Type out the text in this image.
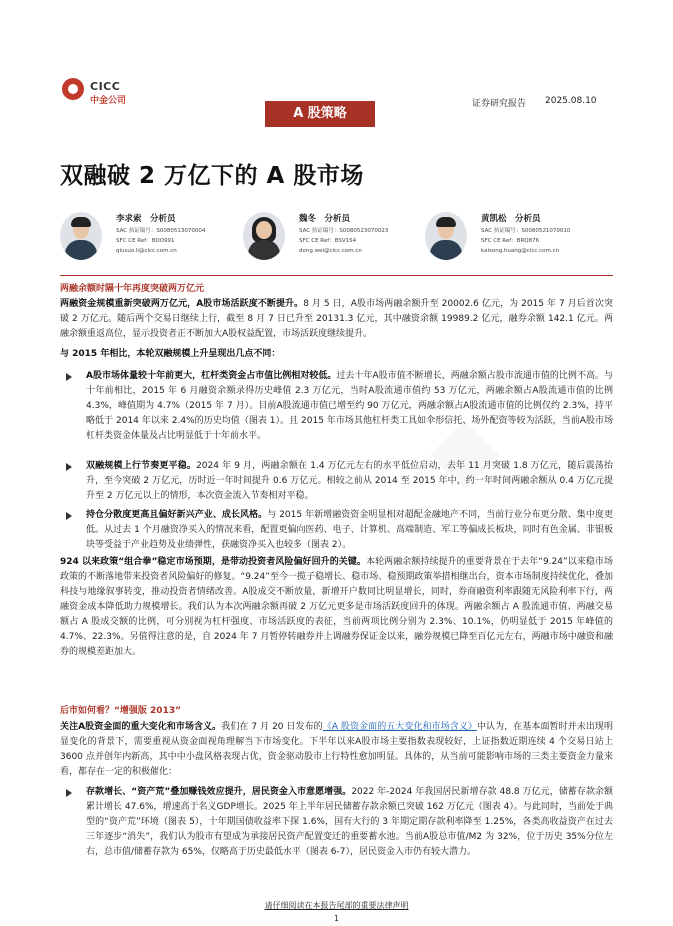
CICC
中金公司
A 股策略
证券研究报告 2025.08.10
双融破 2 万亿下的 A 股市场
李求索　分析员
SAC 执证编号：S0080513070004
SFC CE Ref：BDO991
qiusuo.li@cicc.com.cn
魏冬　分析员
SAC 执证编号：S0080523070023
SFC CE Ref：BSV154
dong.wei@cicc.com.cn
黄凯松　分析员
SAC 执证编号：S0080521070010
SFC CE Ref：BRQ876
kaisong.huang@cicc.com.cn
两融余额时隔十年再度突破两万亿元
两融资金规模重新突破两万亿元，A股市场活跃度不断提升。8 月 5 日，A股市场两融余额升至 20002.6 亿元，为 2015 年 7 月后首次突破 2 万亿元。随后两个交易日继续上行，截至 8 月 7 日已升至 20131.3 亿元，其中融资余额 19989.2 亿元，融券余额 142.1 亿元。两融余额重返高位，显示投资者正不断加大A股权益配置，市场活跃度继续提升。
与 2015 年相比，本轮双融规模上升呈现出几点不同：
A股市场体量较十年前更大，杠杆类资金占市值比例相对较低。过去十年A股市值不断增长，两融余额占股市流通市值的比例不高。与十年前相比，2015 年 6 月融资余额录得历史峰值 2.3 万亿元，当时A股流通市值约 53 万亿元，两融余额占A股流通市值的比例 4.3%，峰值期为 4.7%（2015 年 7 月）。目前A股流通市值已增至约 90 万亿元，两融余额占A股流通市值的比例仅约 2.3%，持平略低于 2014 年以来 2.4%的历史均值（图表 1）。且 2015 年市场其他杠杆类工具如伞形信托、场外配资等较为活跃，当前A股市场杠杆类资金体量及占比明显低于十年前水平。
双融规模上行节奏更平稳。2024 年 9 月，两融余额在 1.4 万亿元左右的水平低位启动，去年 11 月突破 1.8 万亿元，随后震荡抬升，至今突破 2 万亿元，历时近一年时间提升 0.6 万亿元。相较之前从 2014 至 2015 年中，约一年时间两融余额从 0.4 万亿元提升至 2 万亿元以上的情形，本次资金流入节奏相对平稳。
持仓分散度更高且偏好新兴产业、成长风格。与 2015 年新增融资资金明显相对超配金融地产不同，当前行业分布更分散、集中度更低。从过去 1 个月融资净买入的情况来看，配置更偏向医药、电子、计算机、高端制造、军工等偏成长板块，同时有色金属、非银板块等受益于产业趋势及业绩弹性，获融资净买入也较多（图表 2）。
924 以来政策“组合拳”稳定市场预期，是带动投资者风险偏好回升的关键。本轮两融余额持续提升的重要背景在于去年“9.24”以来稳市场政策的不断落地带来投资者风险偏好的修复。“9.24”至今一揽子稳增长、稳市场、稳预期政策举措相继出台，资本市场制度持续优化，叠加科技与地缘叙事转变，推动投资者情绪改善。A股成交不断放量，新增开户数同比明显增长，同时，券商融资利率跟随无风险利率下行，两融资金成本降低助力规模增长。我们认为本次两融余额再破 2 万亿元更多是市场活跃度回升的体现。两融余额占 A 股流通市值、两融交易额占 A 股成交额的比例，可分别视为杠杆强度、市场活跃度的表征，当前两项比例分别为 2.3%、10.1%，仍明显低于 2015 年峰值的 4.7%、22.3%。另值得注意的是，自 2024 年 7 月暂停转融券并上调融券保证金以来，融券规模已降至百亿元左右，两融市场中融资和融券的规模差距加大。
后市如何看？“增强版 2013”
关注A股资金面的重大变化和市场含义。我们在 7 月 20 日发布的《A 股资金面的五大变化和市场含义》中认为，在基本面暂时并未出现明显变化的背景下，需要重视从资金面视角理解当下市场变化。下半年以来A股市场主要指数表现较好，上证指数近期连续 4 个交易日站上 3600 点并创年内新高，其中中小盘风格表现占优，资金驱动股市上行特性愈加明显。具体的，从当前可能影响市场的三类主要资金力量来看，都存在一定的积极催化：
存款增长、“资产荒”叠加赚钱效应提升，居民资金入市意愿增强。2022 年-2024 年我国居民新增存款 48.8 万亿元，储蓄存款余额累计增长 47.6%，增速高于名义GDP增长。2025 年上半年居民储蓄存款余额已突破 162 万亿元（图表 4）。与此同时，当前处于典型的“资产荒”环境（图表 5），十年期国债收益率下探 1.6%，国有大行的 3 年期定期存款利率降至 1.25%，各类高收益资产在过去三年逐步“消失”，我们认为股市有望成为承接居民资产配置变迁的重要蓄水池。当前A股总市值/M2 为 32%，位于历史 35%分位左右，总市值/储蓄存款为 65%，仅略高于历史最低水平（图表 6-7），居民资金入市仍有较大潜力。
请仔细阅读在本报告尾部的重要法律声明
1
